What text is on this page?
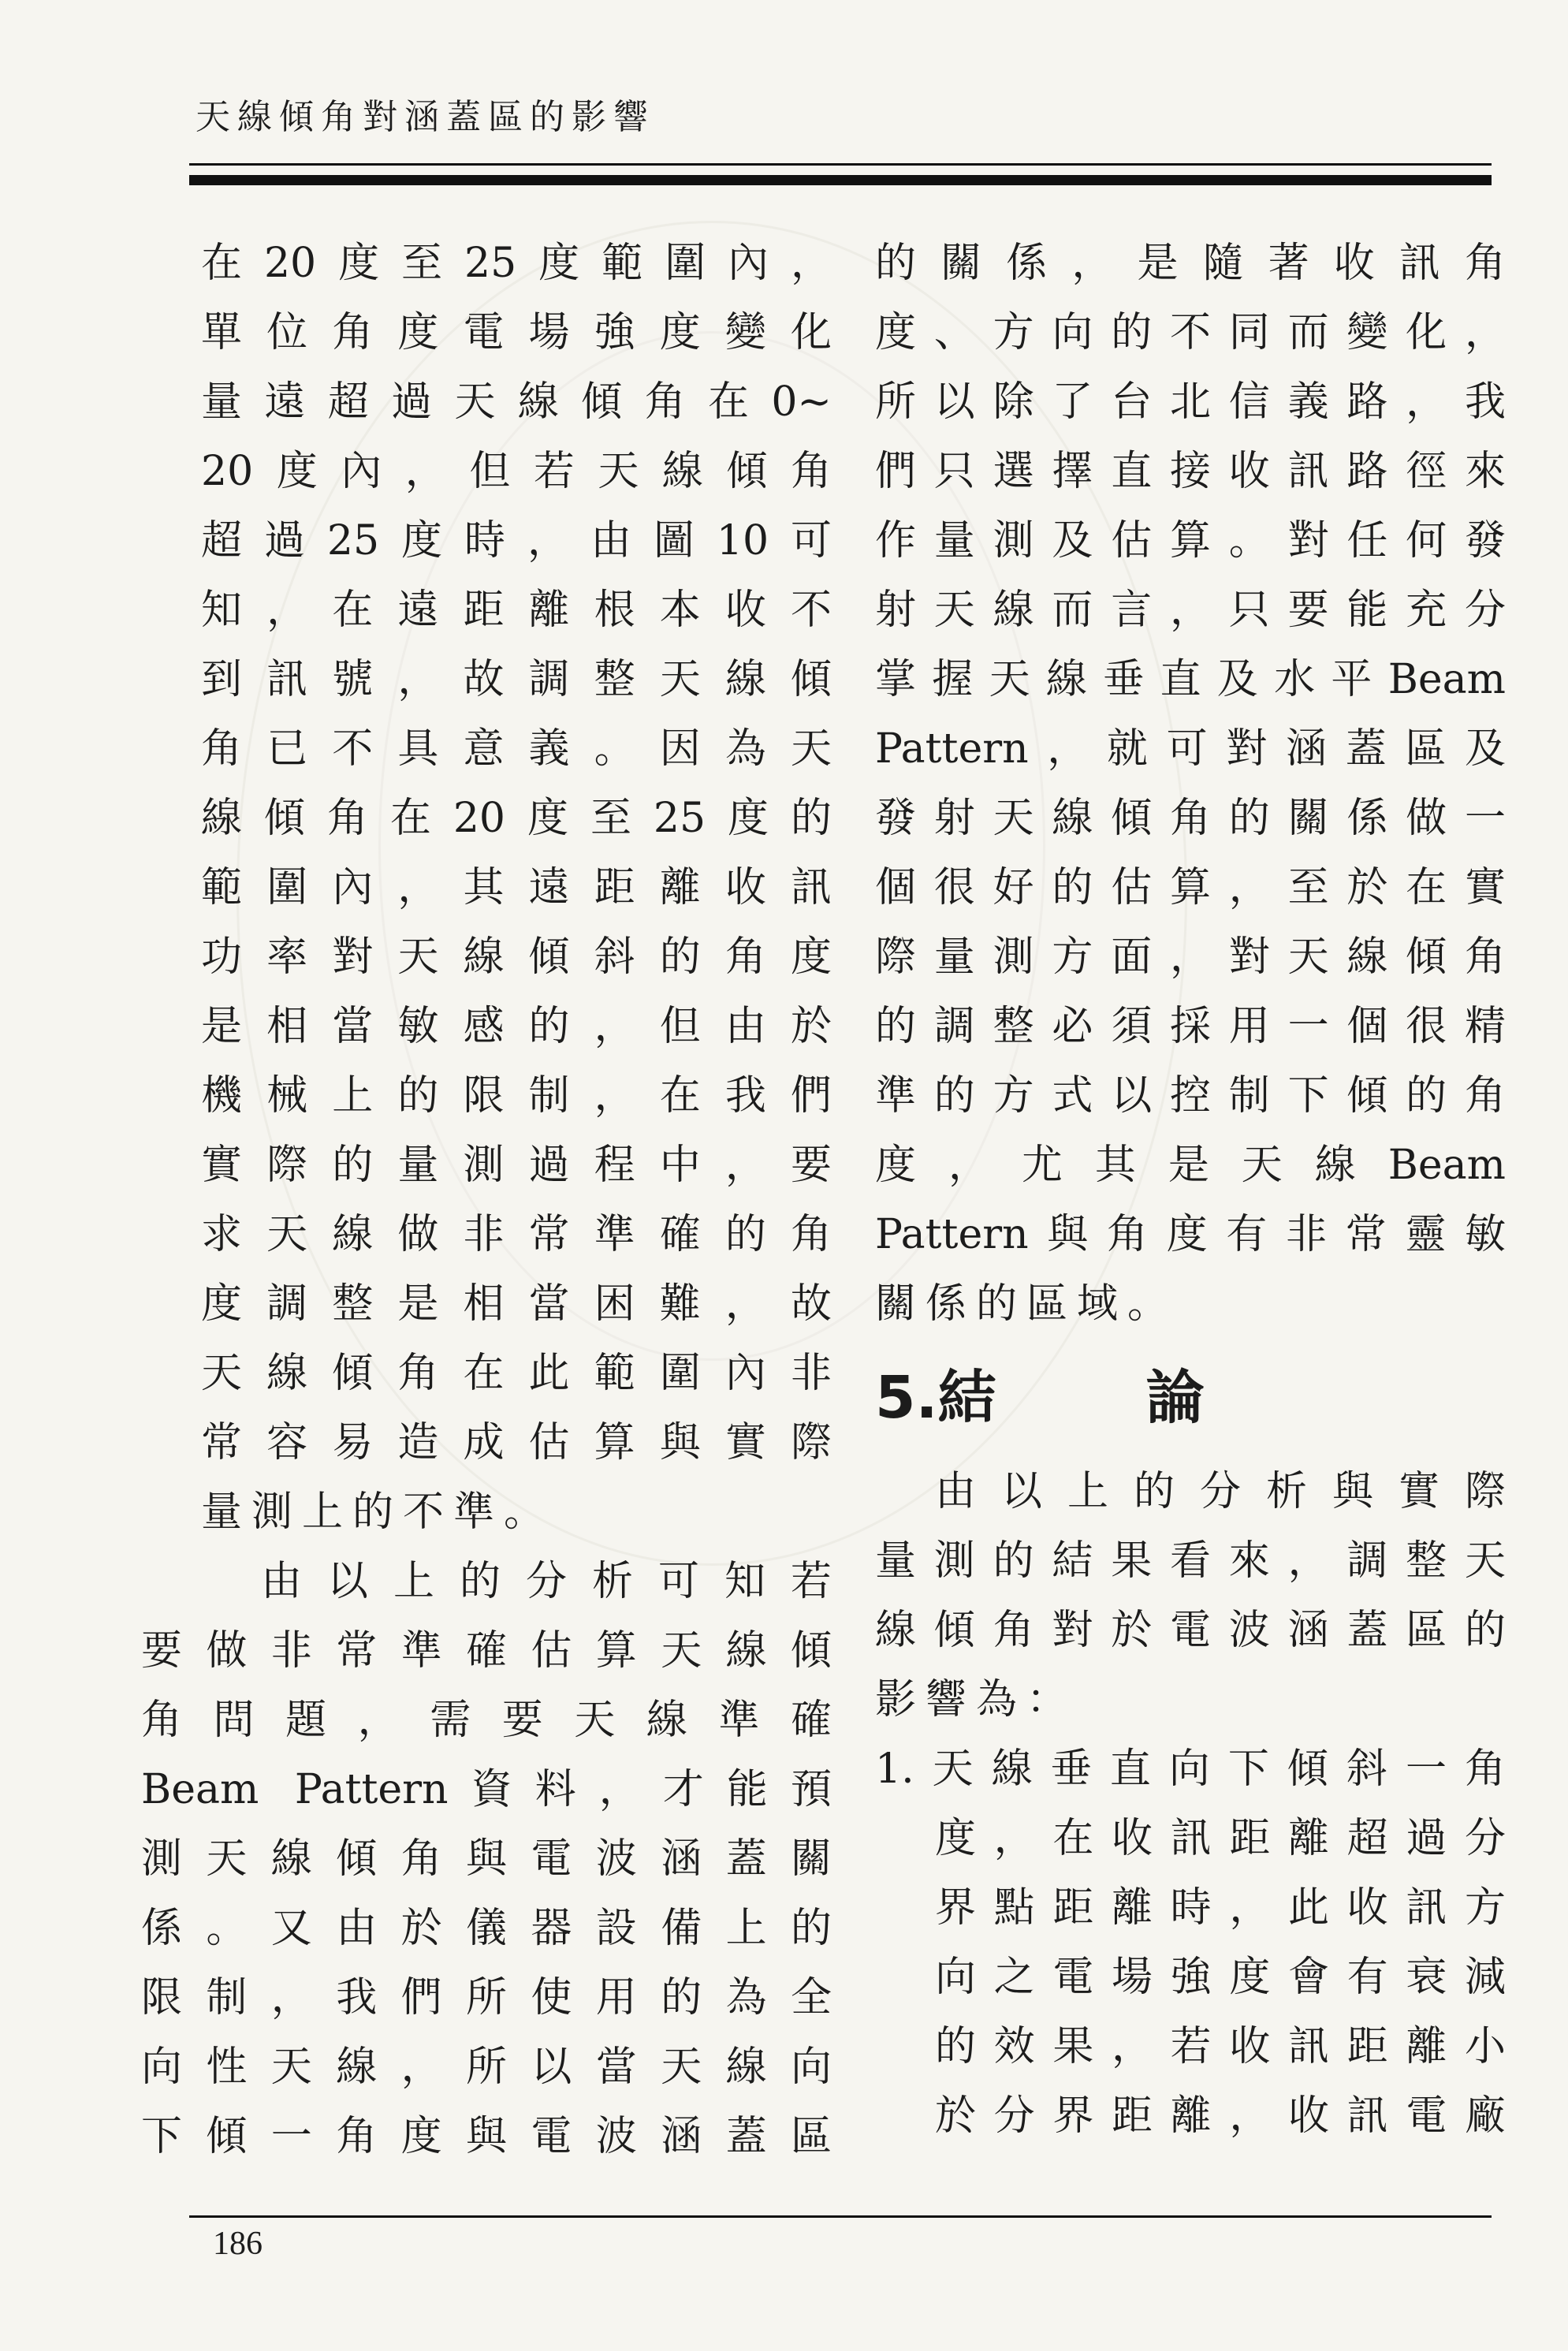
天線傾角對涵蓋區的影響
在20度至25度範圍內，
單位角度電場強度變化
量遠超過天線傾角在0~
20度內，但若天線傾角
超過25度時，由圖10可
知，在遠距離根本收不
到訊號，故調整天線傾
角已不具意義。因為天
線傾角在20度至25度的
範圍內，其遠距離收訊
功率對天線傾斜的角度
是相當敏感的，但由於
機械上的限制，在我們
實際的量測過程中，要
求天線做非常準確的角
度調整是相當困難，故
天線傾角在此範圍內非
常容易造成估算與實際
量測上的不準。
由以上的分析可知若
要做非常準確估算天線傾
角問題，需要天線準確
Beam Pattern資料，才能預
測天線傾角與電波涵蓋關
係。又由於儀器設備上的
限制，我們所使用的為全
向性天線，所以當天線向
下傾一角度與電波涵蓋區
的關係，是隨著收訊角
度、方向的不同而變化，
所以除了台北信義路，我
們只選擇直接收訊路徑來
作量測及估算。對任何發
射天線而言，只要能充分
掌握天線垂直及水平Beam
Pattern，就可對涵蓋區及
發射天線傾角的關係做一
個很好的估算，至於在實
際量測方面，對天線傾角
的調整必須採用一個很精
準的方式以控制下傾的角
度，尤其是天線Beam
Pattern與角度有非常靈敏
關係的區域。
5.結	論
由以上的分析與實際
量測的結果看來，調整天
線傾角對於電波涵蓋區的
影響為：
1.天線垂直向下傾斜一角
度，在收訊距離超過分
界點距離時，此收訊方
向之電場強度會有衰減
的效果，若收訊距離小
於分界距離，收訊電廠
186
